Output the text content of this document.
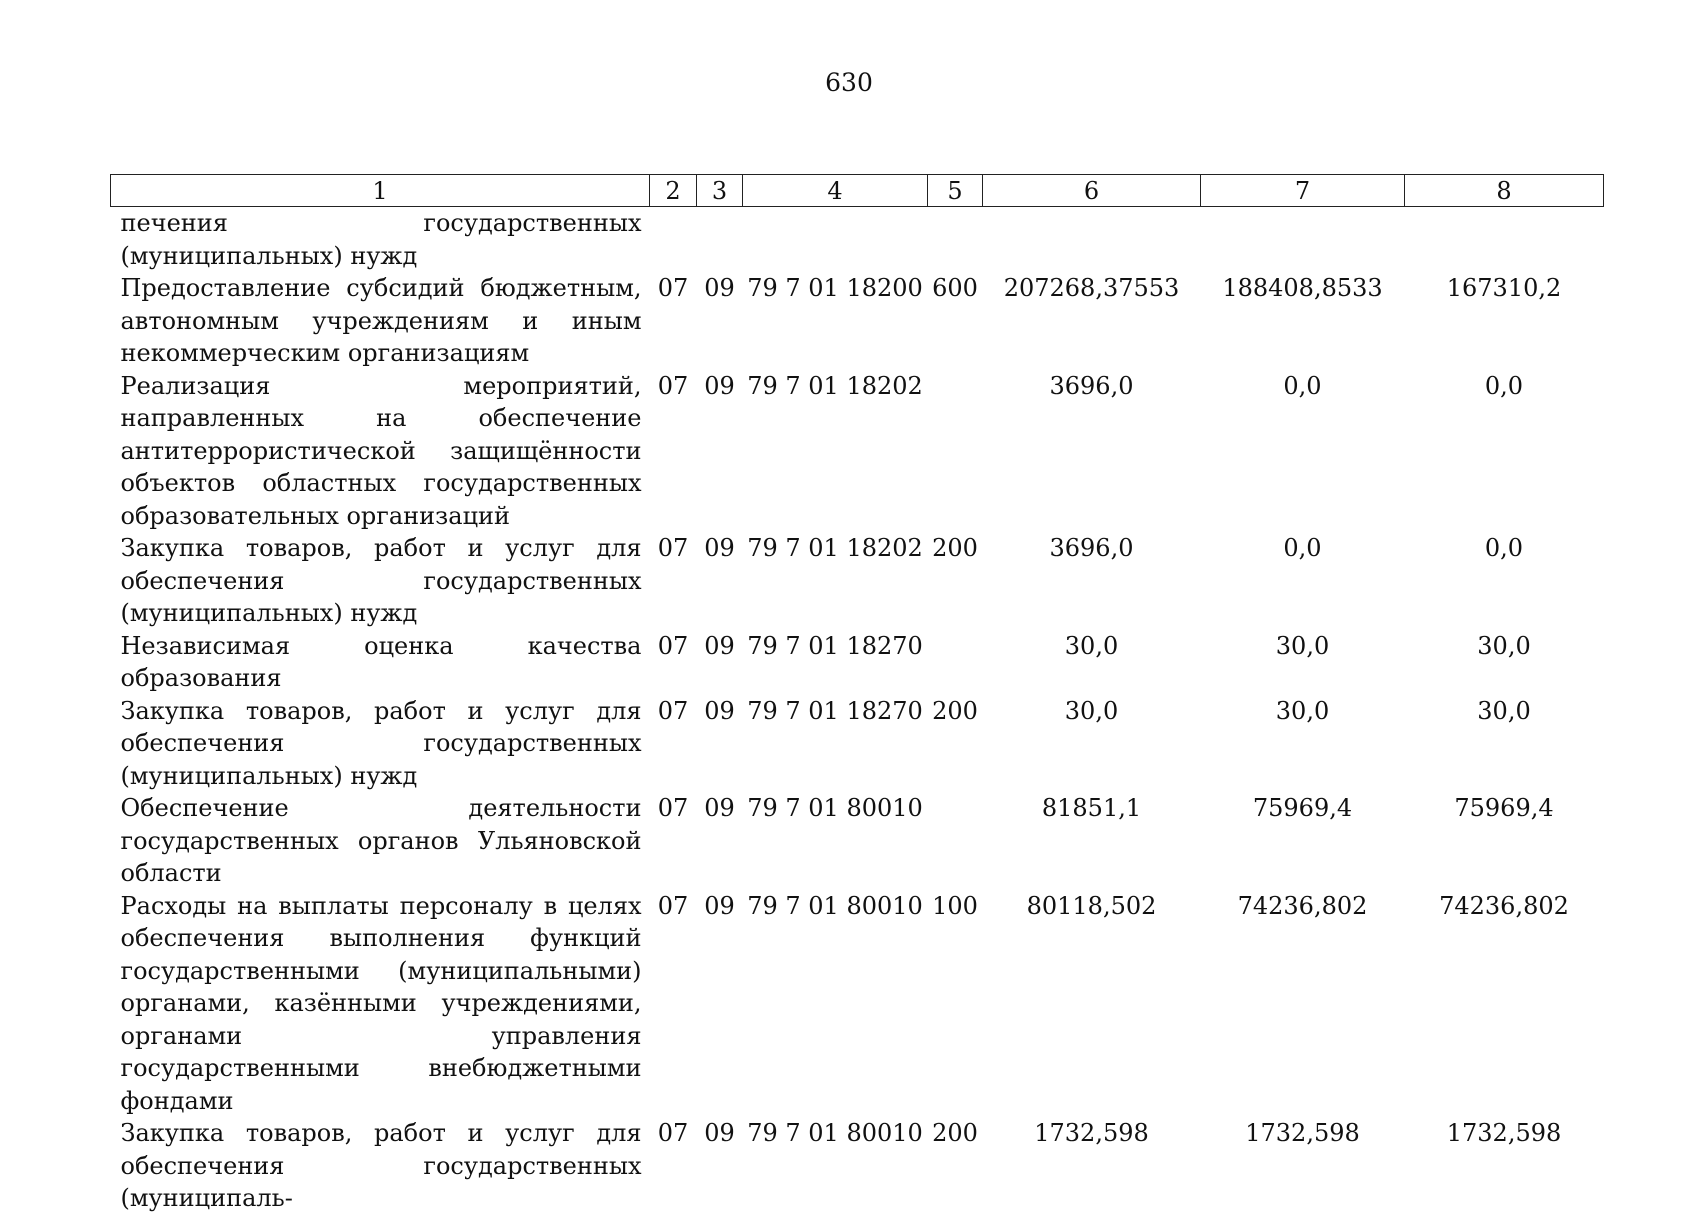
630
1	2	3	4	5	6	7	8
печения государственных (муниципальных) нужд							
Предоставление субсидий бюджетным, автономным учреждениям и иным некоммерческим организациям	07	09	79 7 01 18200	600	207268,37553	188408,8533	167310,2
Реализация мероприятий, направленных на обеспечение антитеррористической защищённости объектов областных государственных образовательных организаций	07	09	79 7 01 18202		3696,0	0,0	0,0
Закупка товаров, работ и услуг для обеспечения государственных (муниципальных) нужд	07	09	79 7 01 18202	200	3696,0	0,0	0,0
Независимая оценка качества образования	07	09	79 7 01 18270		30,0	30,0	30,0
Закупка товаров, работ и услуг для обеспечения государственных (муниципальных) нужд	07	09	79 7 01 18270	200	30,0	30,0	30,0
Обеспечение деятельности государственных органов Ульяновской области	07	09	79 7 01 80010		81851,1	75969,4	75969,4
Расходы на выплаты персоналу в целях обеспечения выполнения функций государственными (муниципальными) органами, казёнными учреждениями, органами управления государственными внебюджетными фондами	07	09	79 7 01 80010	100	80118,502	74236,802	74236,802
Закупка товаров, работ и услуг для обеспечения государственных (муниципаль-	07	09	79 7 01 80010	200	1732,598	1732,598	1732,598
